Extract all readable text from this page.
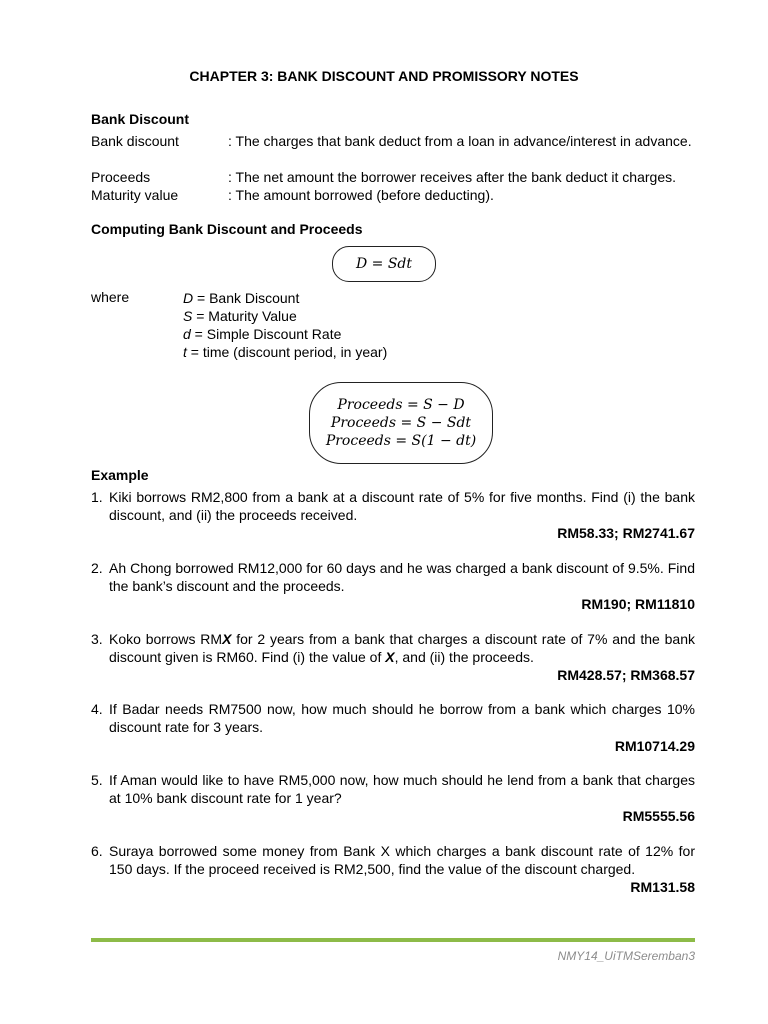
CHAPTER 3: BANK DISCOUNT AND PROMISSORY NOTES
Bank Discount
Bank discount	: The charges that bank deduct from a loan in advance/interest in advance.
Proceeds	: The net amount the borrower receives after the bank deduct it charges.
Maturity value	: The amount borrowed (before deducting).
Computing Bank Discount and Proceeds
D = Sdt
where	D = Bank Discount
S = Maturity Value
d = Simple Discount Rate
t = time (discount period, in year)
Proceeds = S − D
Proceeds = S − Sdt
Proceeds = S(1 − dt)
Example
1. Kiki borrows RM2,800 from a bank at a discount rate of 5% for five months. Find (i) the bank discount, and (ii) the proceeds received.
RM58.33; RM2741.67
2. Ah Chong borrowed RM12,000 for 60 days and he was charged a bank discount of 9.5%. Find the bank’s discount and the proceeds.
RM190; RM11810
3. Koko borrows RMX for 2 years from a bank that charges a discount rate of 7% and the bank discount given is RM60. Find (i) the value of X, and (ii) the proceeds.
RM428.57; RM368.57
4. If Badar needs RM7500 now, how much should he borrow from a bank which charges 10% discount rate for 3 years.
RM10714.29
5. If Aman would like to have RM5,000 now, how much should he lend from a bank that charges at 10% bank discount rate for 1 year?
RM5555.56
6. Suraya borrowed some money from Bank X which charges a bank discount rate of 12% for 150 days. If the proceed received is RM2,500, find the value of the discount charged.
RM131.58
NMY14_UiTMSeremban3
